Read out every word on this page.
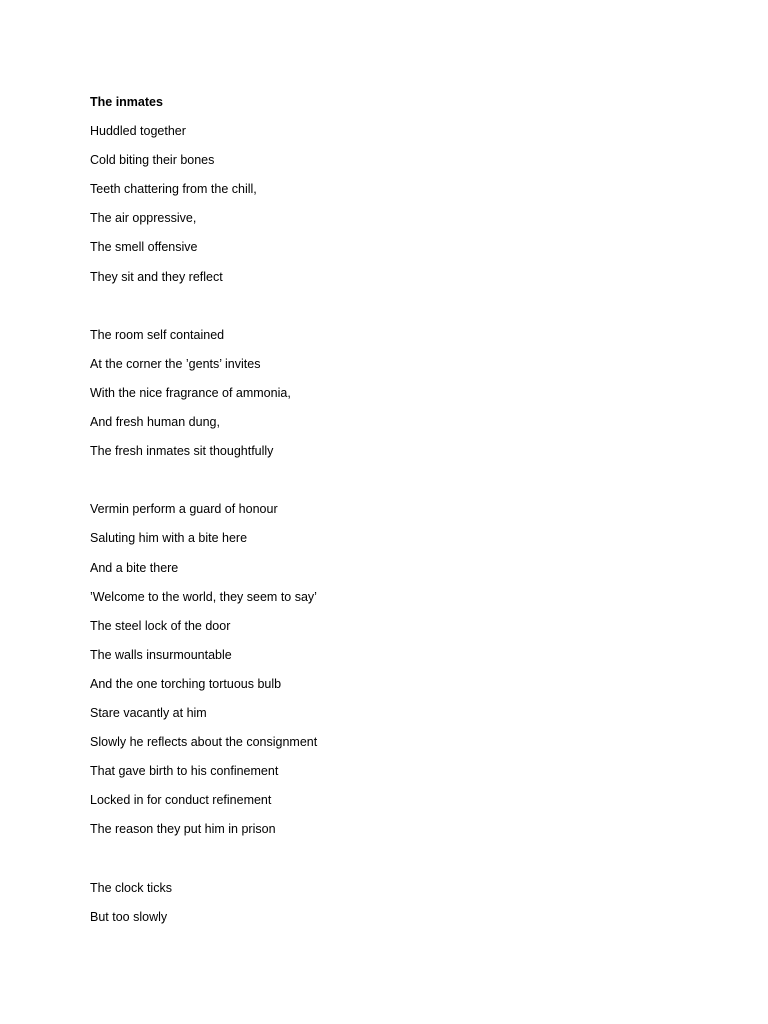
The inmates
Huddled together
Cold biting their bones
Teeth chattering from the chill,
The air oppressive,
The smell offensive
They sit and they reflect
The room self contained
At the corner the ’gents’ invites
With the nice fragrance of ammonia,
And fresh human dung,
The fresh inmates sit thoughtfully
Vermin perform a guard of honour
Saluting him with a bite here
And a bite there
’Welcome to the world, they seem to say’
The steel lock of the door
The walls insurmountable
And the one torching tortuous bulb
Stare vacantly at him
Slowly he reflects about the consignment
That gave birth to his confinement
Locked in for conduct refinement
The reason they put him in prison
The clock ticks
But too slowly
